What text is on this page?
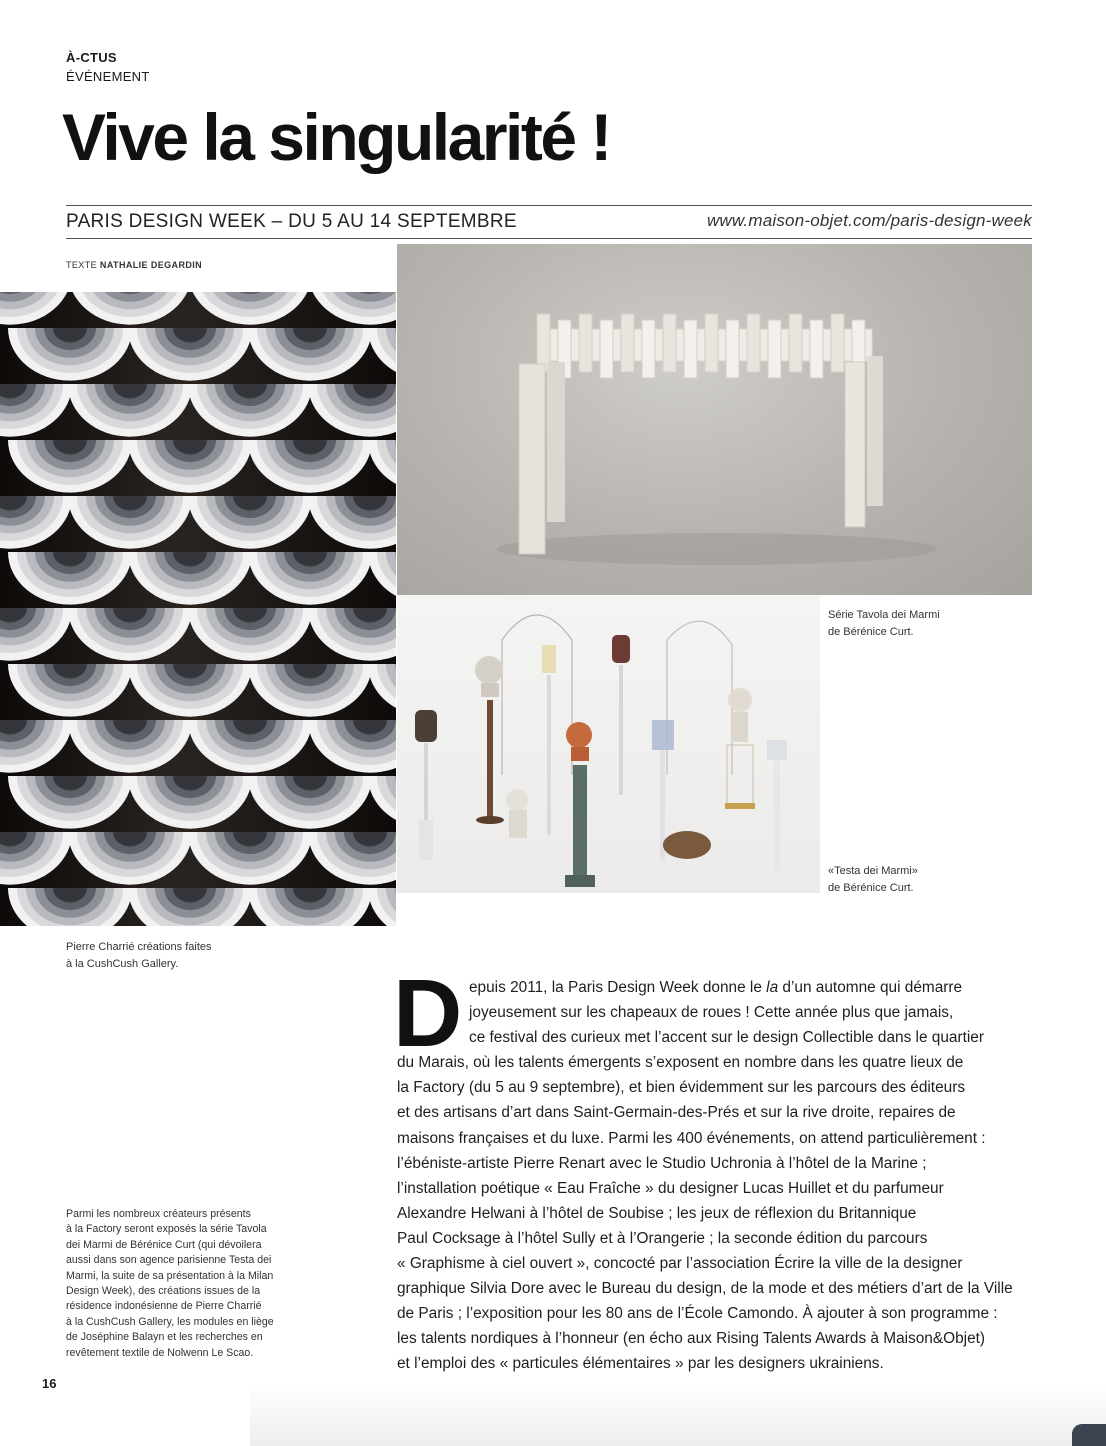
À-CTUS
ÉVÉNEMENT
Vive la singularité !
PARIS DESIGN WEEK – DU 5 AU 14 SEPTEMBRE	www.maison-objet.com/paris-design-week
TEXTE NATHALIE DEGARDIN
Série Tavola dei Marmi
de Bérénice Curt.
«Testa dei Marmi»
de Bérénice Curt.
Pierre Charrié créations faites
à la CushCush Gallery.
Parmi les nombreux créateurs présents
à la Factory seront exposés la série Tavola
dei Marmi de Bérénice Curt (qui dévoilera
aussi dans son agence parisienne Testa dei
Marmi, la suite de sa présentation à la Milan
Design Week), des créations issues de la
résidence indonésienne de Pierre Charrié
à la CushCush Gallery, les modules en liège
de Joséphine Balayn et les recherches en
revêtement textile de Nolwenn Le Scao.
D epuis 2011, la Paris Design Week donne le la d’un automne qui démarre
joyeusement sur les chapeaux de roues ! Cette année plus que jamais,
ce festival des curieux met l’accent sur le design Collectible dans le quartier
du Marais, où les talents émergents s’exposent en nombre dans les quatre lieux de
la Factory (du 5 au 9 septembre), et bien évidemment sur les parcours des éditeurs
et des artisans d’art dans Saint-Germain-des-Prés et sur la rive droite, repaires de
maisons françaises et du luxe. Parmi les 400 événements, on attend particulièrement :
l’ébéniste-artiste Pierre Renart avec le Studio Uchronia à l’hôtel de la Marine ;
l’installation poétique « Eau Fraîche » du designer Lucas Huillet et du parfumeur
Alexandre Helwani à l’hôtel de Soubise ; les jeux de réflexion du Britannique
Paul Cocksage à l’hôtel Sully et à l’Orangerie ; la seconde édition du parcours
« Graphisme à ciel ouvert », concocté par l’association Écrire la ville de la designer
graphique Silvia Dore avec le Bureau du design, de la mode et des métiers d’art de la Ville
de Paris ; l’exposition pour les 80 ans de l’École Camondo. À ajouter à son programme :
les talents nordiques à l’honneur (en écho aux Rising Talents Awards à Maison&Objet)
et l’emploi des « particules élémentaires » par les designers ukrainiens.
16
